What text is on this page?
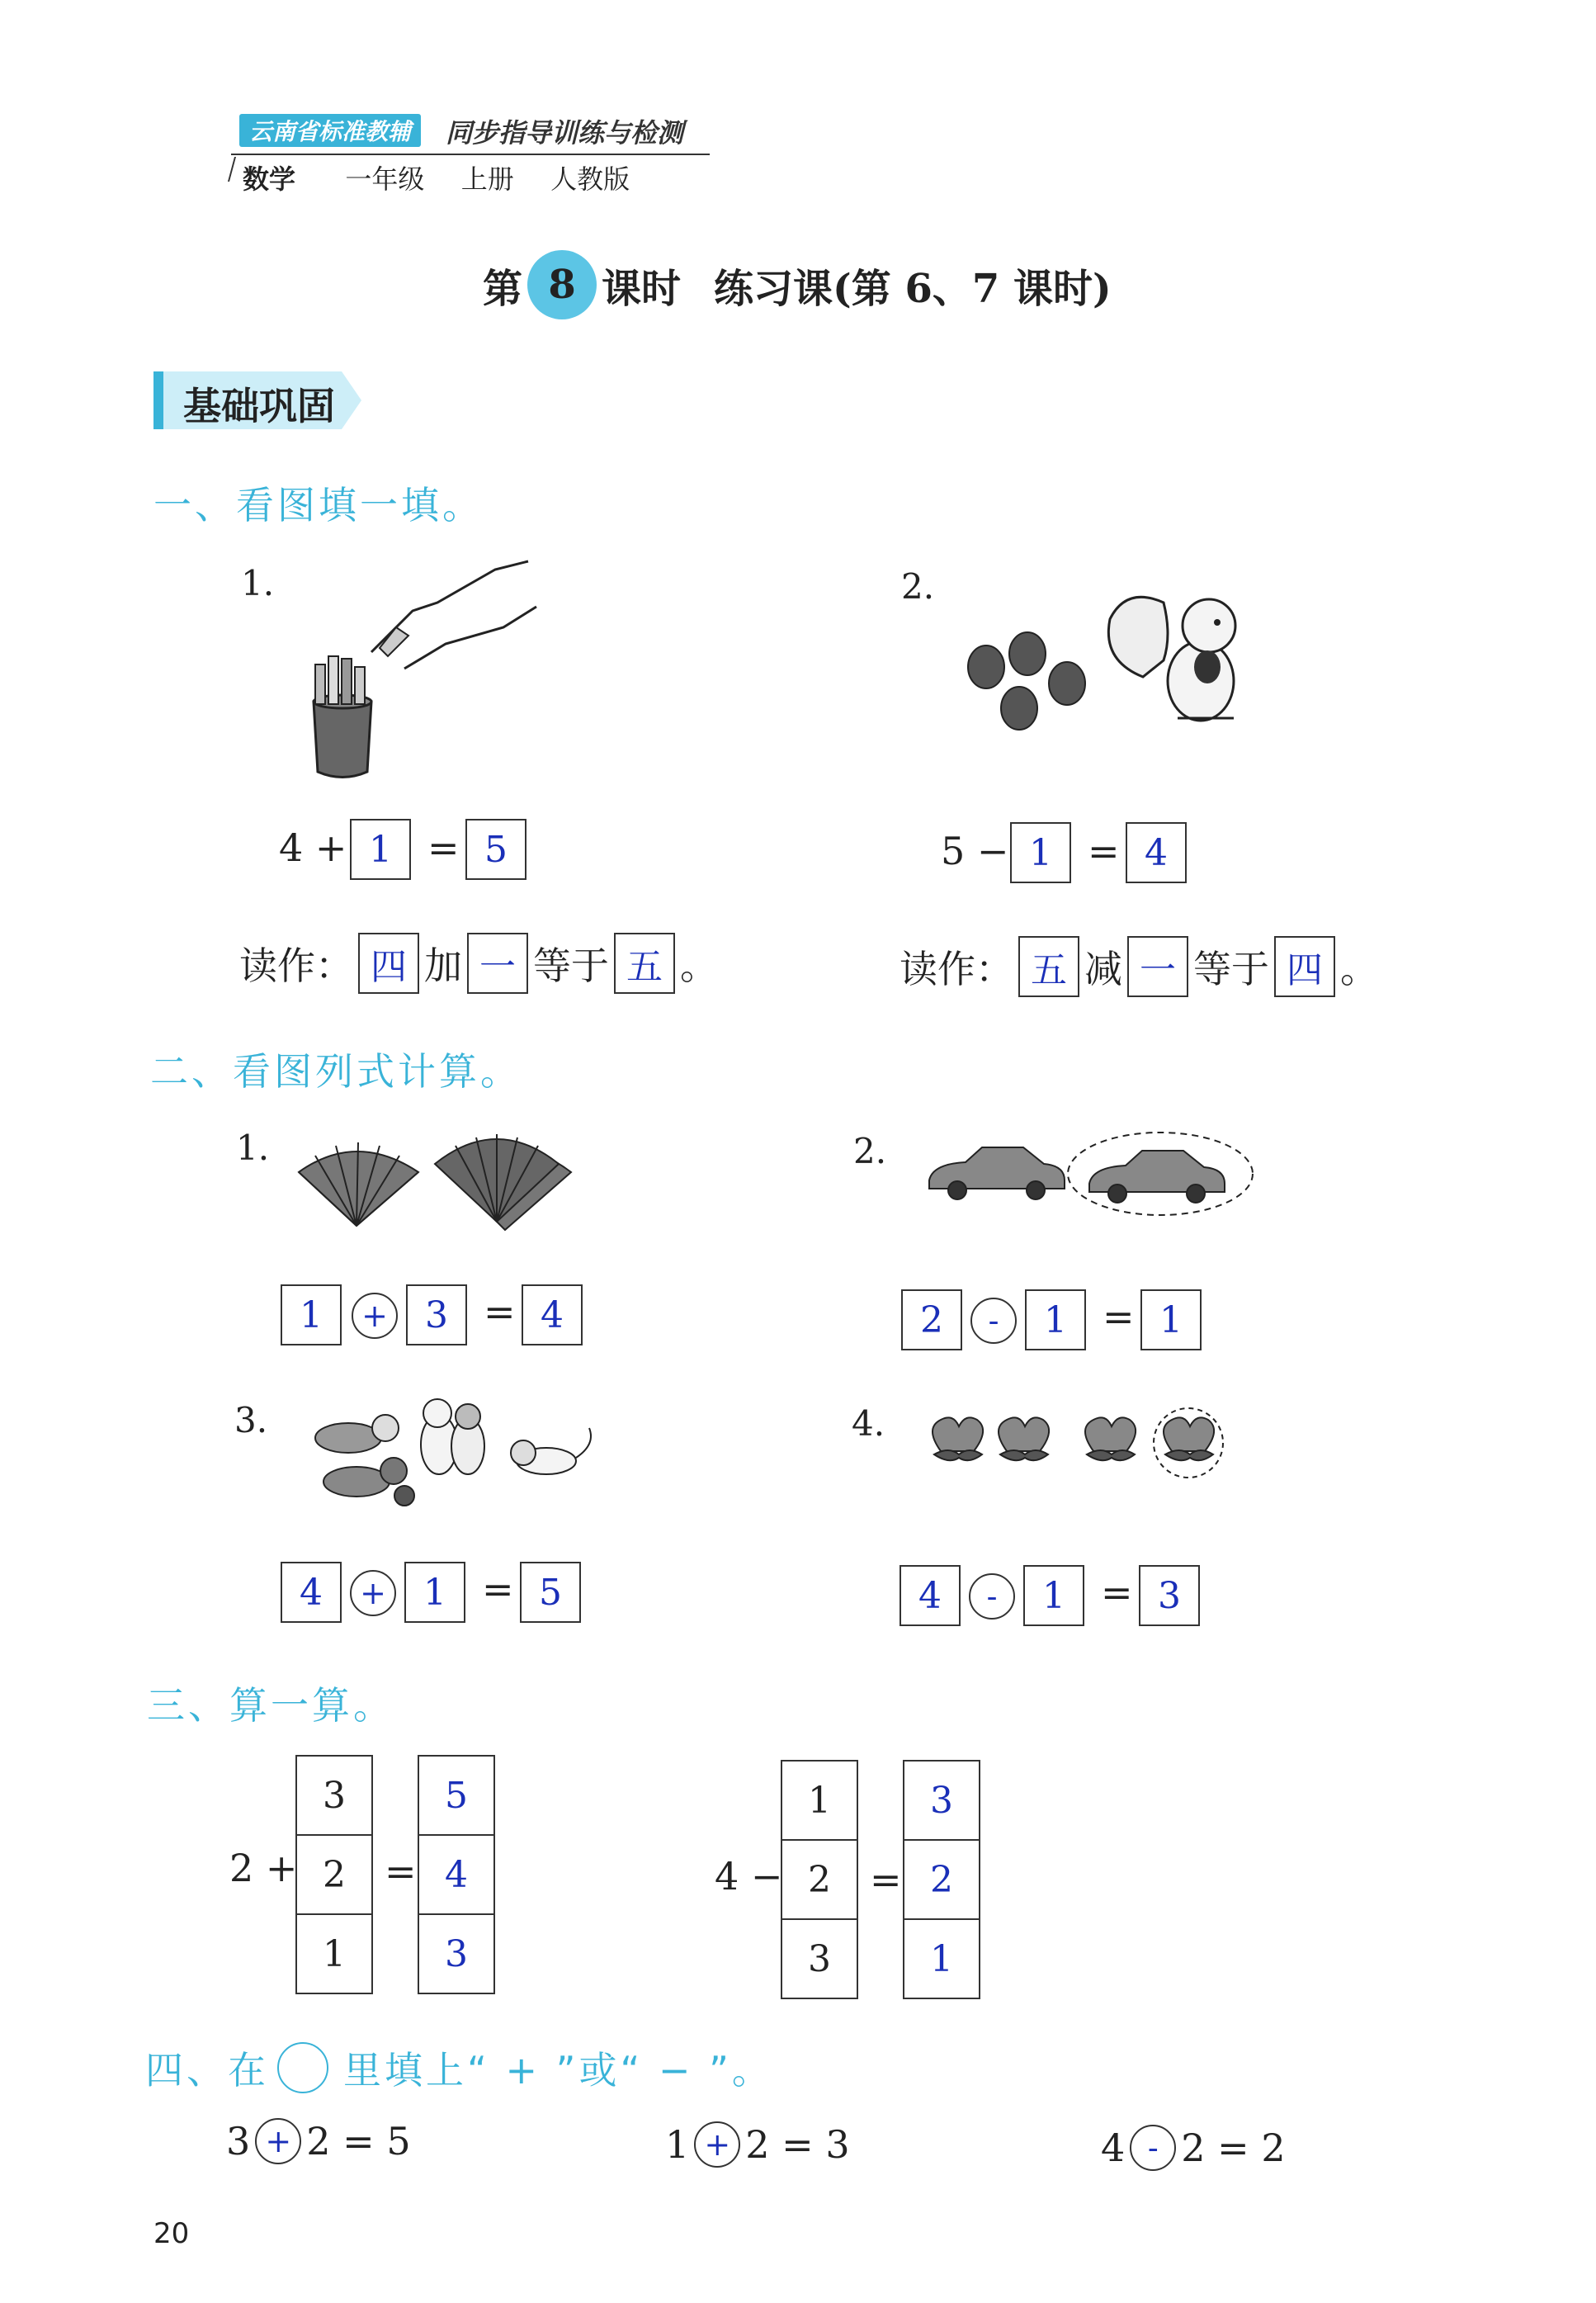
云南省标准教辅	同步指导训练与检测
数学 一年级 上册 人教版
第 8 课时 练习课(第 6、7 课时)
基础巩固
一、看图填一填。
1.
4 + 1 = 5
读作： 四 加 一 等于 五 。
2.
5 − 1 = 4
读作： 五 减 一 等于 四 。
二、看图列式计算。
1.
1	+	3 = 4
2.
2	-	1 = 1
3.
4	+	1 = 5
4.
4	-	1 = 3
三、算一算。
2 +
3
2
1
=
5
4
3
4 −
1
2
3
=
3
2
1
四、在 里填上“ + ”或“ − ”。
3 + 2 = 5	1 + 2 = 3	4 - 2 = 2
20
